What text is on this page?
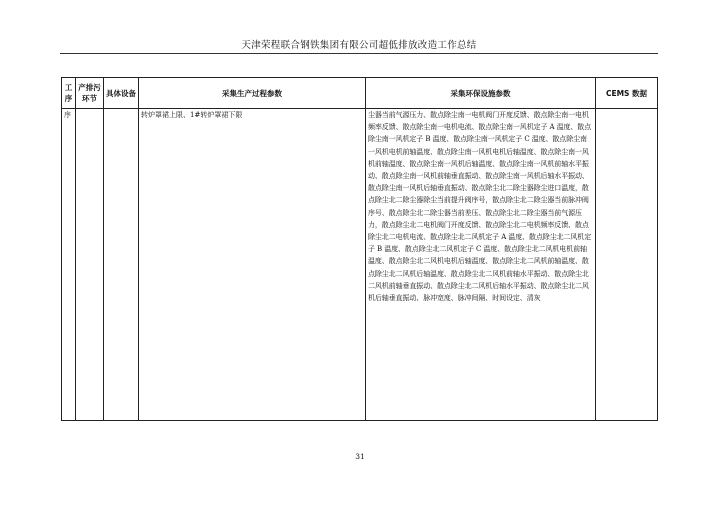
天津荣程联合钢铁集团有限公司超低排放改造工作总结
工序	产排污环节	具体设备	采集生产过程参数	采集环保设施参数	CEMS 数据
序			转炉罩裙上限、1#转炉罩裙下限	尘器当前气源压力、散点除尘南一电机阀门开度反馈、散点除尘南一电机频率反馈、散点除尘南一电机电流、散点除尘南一风机定子 A 温度、散点除尘南一风机定子 B 温度、散点除尘南一风机定子 C 温度、散点除尘南一风机电机前轴温度、散点除尘南一风机电机后轴温度、散点除尘南一风机前轴温度、散点除尘南一风机后轴温度、散点除尘南一风机前轴水平振动、散点除尘南一风机前轴垂直振动、散点除尘南一风机后轴水平振动、散点除尘南一风机后轴垂直振动、散点除尘北二除尘器除尘进口温度，散点除尘北二除尘器除尘当前提升阀序号，散点除尘北二除尘器当前脉冲阀序号、散点除尘北二除尘器当前差压、散点除尘北二除尘器当前气源压力，散点除尘北二电机阀门开度反馈、散点除尘北二电机频率反馈、散点除尘北二电机电流、散点除尘北二风机定子 A 温度、散点除尘北二风机定子 B 温度、散点除尘北二风机定子 C 温度、散点除尘北二风机电机前轴温度、散点除尘北二风机电机后轴温度、散点除尘北二风机前轴温度、散点除尘北二风机后轴温度、散点除尘北二风机前轴水平振动、散点除尘北二风机前轴垂直振动、散点除尘北二风机后轴水平振动、散点除尘北二风机后轴垂直振动、脉冲宽度、脉冲间隔、时间设定、清灰	
31
